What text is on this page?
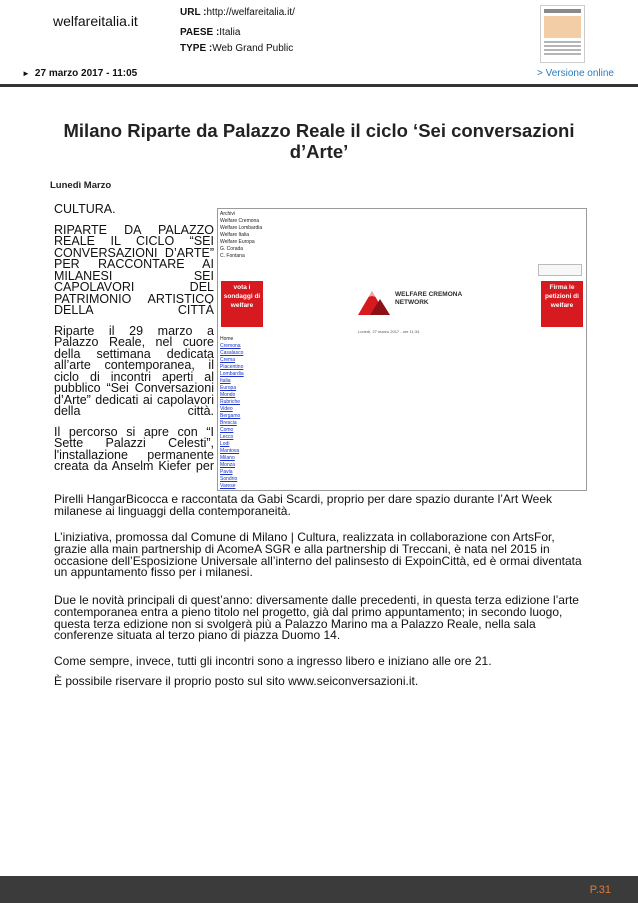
welfareitalia.it
URL :http://welfareitalia.it/
PAESE :Italia
TYPE :Web Grand Public
► 27 marzo 2017 - 11:05	> Versione online
Milano Riparte da Palazzo Reale il ciclo ‘Sei conversazioni d’Arte’
Lunedì Marzo

CULTURA.

RIPARTE DA PALAZZO REALE IL CICLO “SEI CONVERSAZIONI D’ARTE” PER RACCONTARE AI MILANESI SEI CAPOLAVORI DEL PATRIMONIO ARTISTICO DELLA CITTÀ

Riparte il 29 marzo a Palazzo Reale, nel cuore della settimana dedicata all’arte contemporanea, il ciclo di incontri aperti al pubblico “Sei Conversazioni d’Arte” dedicati ai capolavori della città.

Il percorso si apre con “I Sette Palazzi Celesti”, l'installazione permanente creata da Anselm Kiefer per

Archivi
Welfare Cremona
Welfare Lombardia
Welfare Italia
Welfare Europa
G. Corada
C. Fontana
vota i sondaggi di welfare
Firma le petizioni di welfare
WELFARE CREMONA NETWORK
Lunedì, 27 marzo 2017 - ore 11:34
Home
Cremona
Casalasco
Crema
Piacentino
Lombardia
Italia
Europa
Mondo
Rubriche
Video
Bergamo
Brescia
Como
Lecco
Lodi
Mantova
Milano
Monza
Pavia
Sondrio
Varese
Pirelli HangarBicocca e raccontata da Gabi Scardi, proprio per dare spazio durante l’Art Week milanese ai linguaggi della contemporaneità.
L’iniziativa, promossa dal Comune di Milano | Cultura, realizzata in collaborazione con ArtsFor, grazie alla main partnership di AcomeA SGR e alla partnership di Treccani, è nata nel 2015 in occasione dell’Esposizione Universale all’interno del palinsesto di ExpoinCittà, ed è ormai diventata un appuntamento fisso per i milanesi.
Due le novità principali di quest’anno: diversamente dalle precedenti, in questa terza edizione l’arte contemporanea entra a pieno titolo nel progetto, già dal primo appuntamento; in secondo luogo, questa terza edizione non si svolgerà più a Palazzo Marino ma a Palazzo Reale, nella sala conferenze situata al terzo piano di piazza Duomo 14.
Come sempre, invece, tutti gli incontri sono a ingresso libero e iniziano alle ore 21.
È possibile riservare il proprio posto sul sito www.seiconversazioni.it.
P.31
